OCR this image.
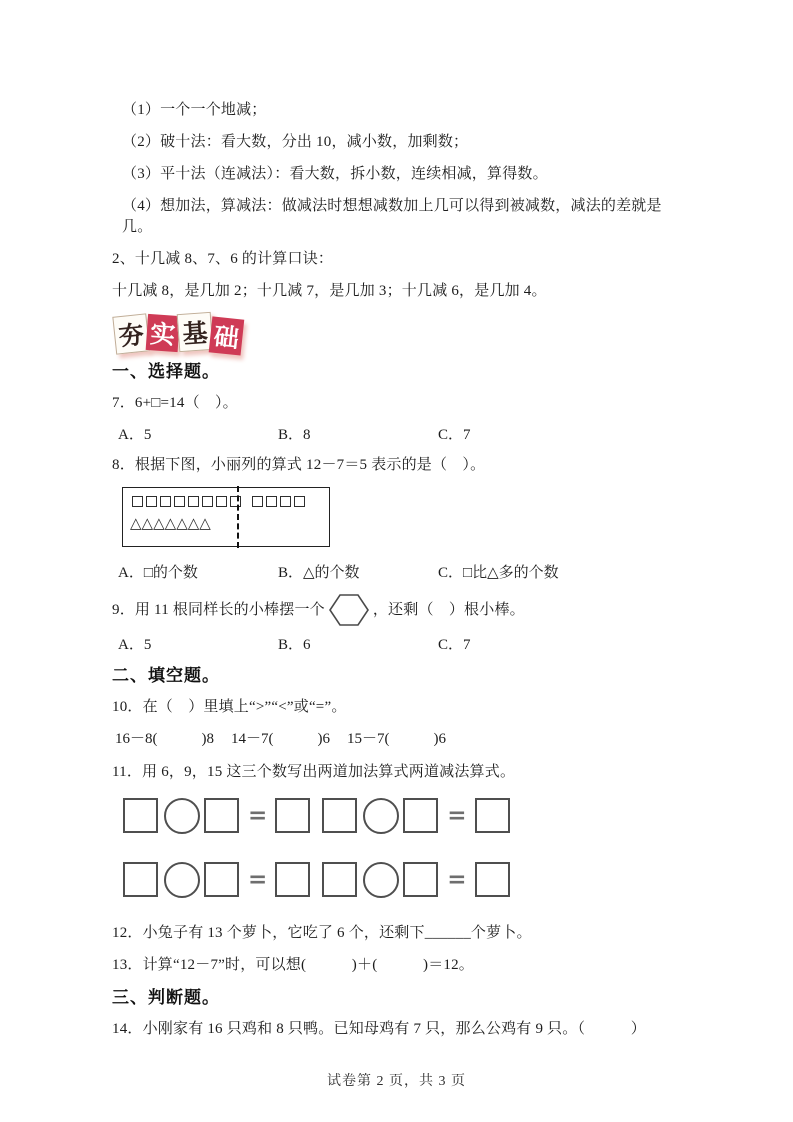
（1）一个一个地减；

（2）破十法：看大数，分出 10，减小数，加剩数；

（3）平十法（连减法）：看大数，拆小数，连续相减，算得数。

（4）想加法，算减法：做减法时想想减数加上几可以得到被减数，减法的差就是几。

2、十几减 8、7、6 的计算口诀：

十几减 8，是几加 2；十几减 7，是几加 3；十几减 6，是几加 4。

夯 实 基 础
一、选择题。

7．6+□=14（　）。

A．5	B．8	C．7

8．根据下图，小丽列的算式 12－7＝5 表示的是（　）。

△ △ △ △ △ △ △
A．□的个数	B．△的个数	C．□比△多的个数
9．用 11 根同样长的小棒摆一个	，还剩（　）根小棒。
A．5	B．6	C．7
二、填空题。

10．在（　）里填上“>”“<”或“=”。

16－8(	)8 14－7(	)6 15－7(	)6

11．用 6，9，15 这三个数写出两道加法算式两道减法算式。

=	=
=	=

12．小兔子有 13 个萝卜，它吃了 6 个，还剩下______个萝卜。

13．计算“12－7”时，可以想(　　　)＋(　　　)＝12。

三、判断题。

14．小刚家有 16 只鸡和 8 只鸭。已知母鸡有 7 只，那么公鸡有 9 只。（　　　）

试卷第 2 页，共 3 页
